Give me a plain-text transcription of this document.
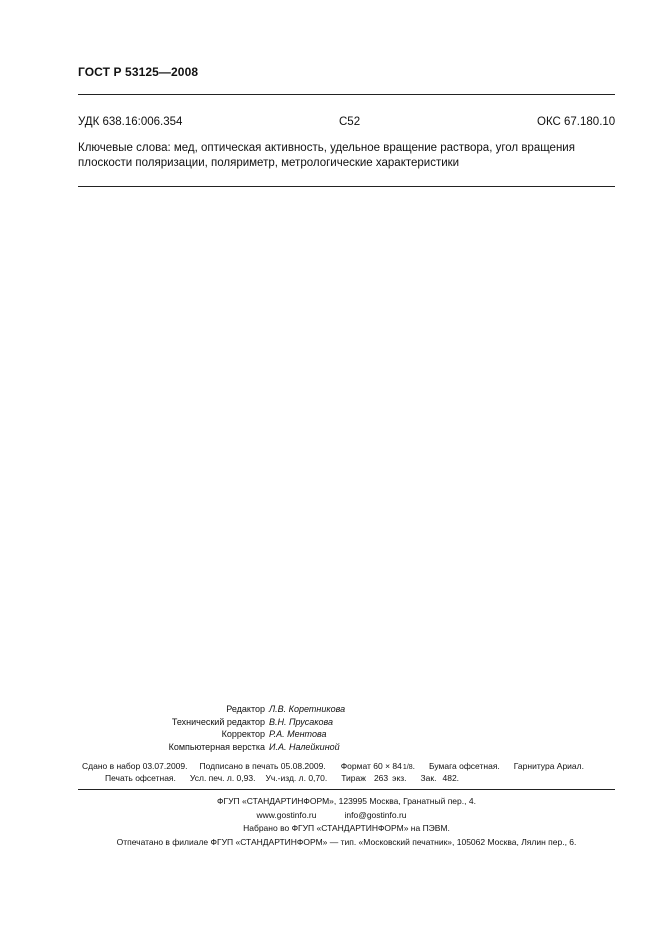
ГОСТ Р 53125—2008
УДК 638.16:006.354	С52	ОКС 67.180.10
Ключевые слова: мед, оптическая активность, удельное вращение раствора, угол вращения плоскости поляризации, поляриметр, метрологические характеристики
Редактор Л.В. Коретникова
Технический редактор В.Н. Прусакова
Корректор Р.А. Ментова
Компьютерная верстка И.А. Налейкиной
Сдано в набор 03.07.2009. Подписано в печать 05.08.2009. Формат 60 × 841/8. Бумага офсетная. Гарнитура Ариал.
Печать офсетная. Усл. печ. л. 0,93. Уч.-изд. л. 0,70. Тираж 263 экз. Зак. 482.
ФГУП «СТАНДАРТИНФОРМ», 123995 Москва, Гранатный пер., 4.
www.gostinfo.ru	info@gostinfo.ru
Набрано во ФГУП «СТАНДАРТИНФОРМ» на ПЭВМ.
Отпечатано в филиале ФГУП «СТАНДАРТИНФОРМ» — тип. «Московский печатник», 105062 Москва, Лялин пер., 6.
